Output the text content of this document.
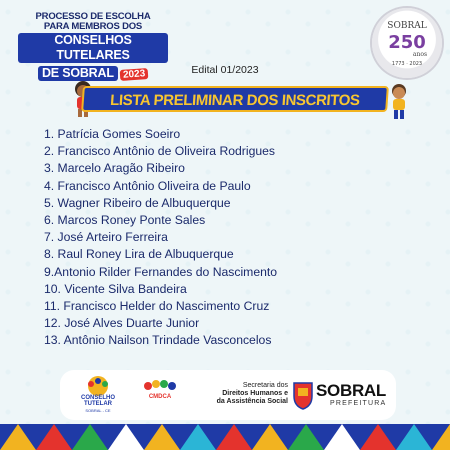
PROCESSO DE ESCOLHA
PARA MEMBROS DOS
CONSELHOS TUTELARES
DE SOBRAL 2023
SOBRAL
250
anos
1773 · 2023
Edital 01/2023
LISTA PRELIMINAR DOS INSCRITOS
1. Patrícia Gomes Soeiro
2. Francisco Antônio de Oliveira Rodrigues
3. Marcelo Aragão Ribeiro
4. Francisco Antônio Oliveira de Paulo
5. Wagner Ribeiro de Albuquerque
6. Marcos Roney Ponte Sales
7. José Arteiro Ferreira
8. Raul Roney Lira de Albuquerque
9.Antonio Rilder Fernandes do Nascimento
10. Vicente Silva Bandeira
11. Francisco Helder do Nascimento Cruz
12. José Alves Duarte Junior
13. Antônio Nailson Trindade Vasconcelos
CONSELHO
TUTELAR
SOBRAL - CE
CMDCA
Secretaria dos
Direitos Humanos e
da Assistência Social
SOBRAL
PREFEITURA
